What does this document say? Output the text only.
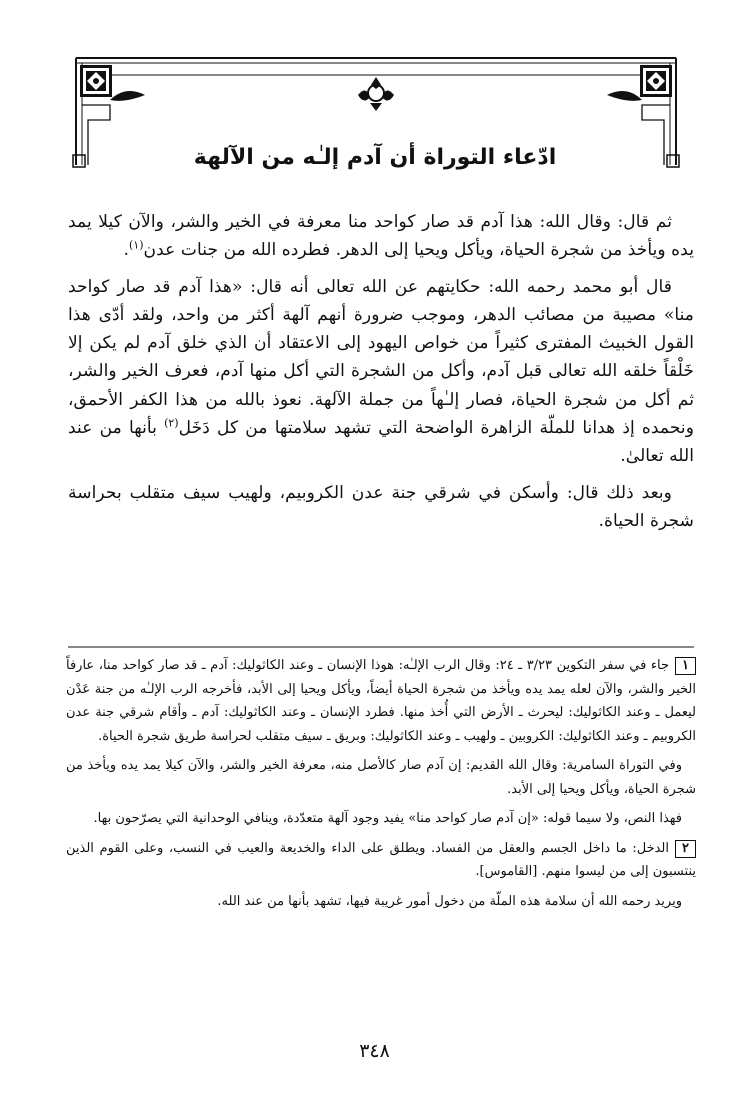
ادّعاء التوراة أن آدم إلـٰه من الآلهة

ثم قال: وقال الله: هذا آدم قد صار كواحد منا معرفة في الخير والشر، والآن كيلا يمد يده ويأخذ من شجرة الحياة، ويأكل ويحيا إلى الدهر. فطرده الله من جنات عدن$^{(١)}$.

قال أبو محمد رحمه الله: حكايتهم عن الله تعالى أنه قال: «هذا آدم قد صار كواحد منا» مصيبة من مصائب الدهر، وموجب ضرورة أنهم آلهة أكثر من واحد، ولقد أدّى هذا القول الخبيث المفترى كثيراً من خواص اليهود إلى الاعتقاد أن الذي خلق آدم لم يكن إلا خَلْقاً خلقه الله تعالى قبل آدم، وأكل من الشجرة التي أكل منها آدم، فعرف الخير والشر، ثم أكل من شجرة الحياة، فصار إلـٰهاً من جملة الآلهة. نعوذ بالله من هذا الكفر الأحمق، ونحمده إذ هدانا للملّة الزاهرة الواضحة التي تشهد سلامتها من كل دَخَل$^{(٢)}$ بأنها من عند الله تعالىٰ.

وبعد ذلك قال: وأسكن في شرقي جنة عدن الكروبيم، ولهيب سيف متقلب بحراسة شجرة الحياة.

١جاء في سفر التكوين ٣/٢٣ ـ ٢٤: وقال الرب الإلـٰه: هوذا الإنسان ـ وعند الكاثوليك: آدم ـ قد صار كواحد منا، عارفاً الخير والشر، والآن لعله يمد يده ويأخذ من شجرة الحياة أيضاً، ويأكل ويحيا إلى الأبد، فأخرجه الرب الإلـٰه من جنة عَدْن ليعمل ـ وعند الكاثوليك: ليحرث ـ الأرض التي أُخذ منها. فطرد الإنسان ـ وعند الكاثوليك: آدم ـ وأقام شرقي جنة عدن الكروبيم ـ وعند الكاثوليك: الكروبين ـ ولهيب ـ وعند الكاثوليك: وبريق ـ سيف متقلب لحراسة طريق شجرة الحياة.

وفي التوراة السامرية: وقال الله القديم: إن آدم صار كالأصل منه، معرفة الخير والشر، والآن كيلا يمد يده ويأخذ من شجرة الحياة، ويأكل ويحيا إلى الأبد.

فهذا النص، ولا سيما قوله: «إن آدم صار كواحد منا» يفيد وجود آلهة متعدّدة، وينافي الوحدانية التي يصرّحون بها.

٢الدخل: ما داخل الجسم والعقل من الفساد. ويطلق على الداء والخديعة والعيب في النسب، وعلى القوم الذين ينتسبون إلى من ليسوا منهم. [القاموس].

ويريد رحمه الله أن سلامة هذه الملّة من دخول أمور غريبة فيها، تشهد بأنها من عند الله.

٣٤٨
